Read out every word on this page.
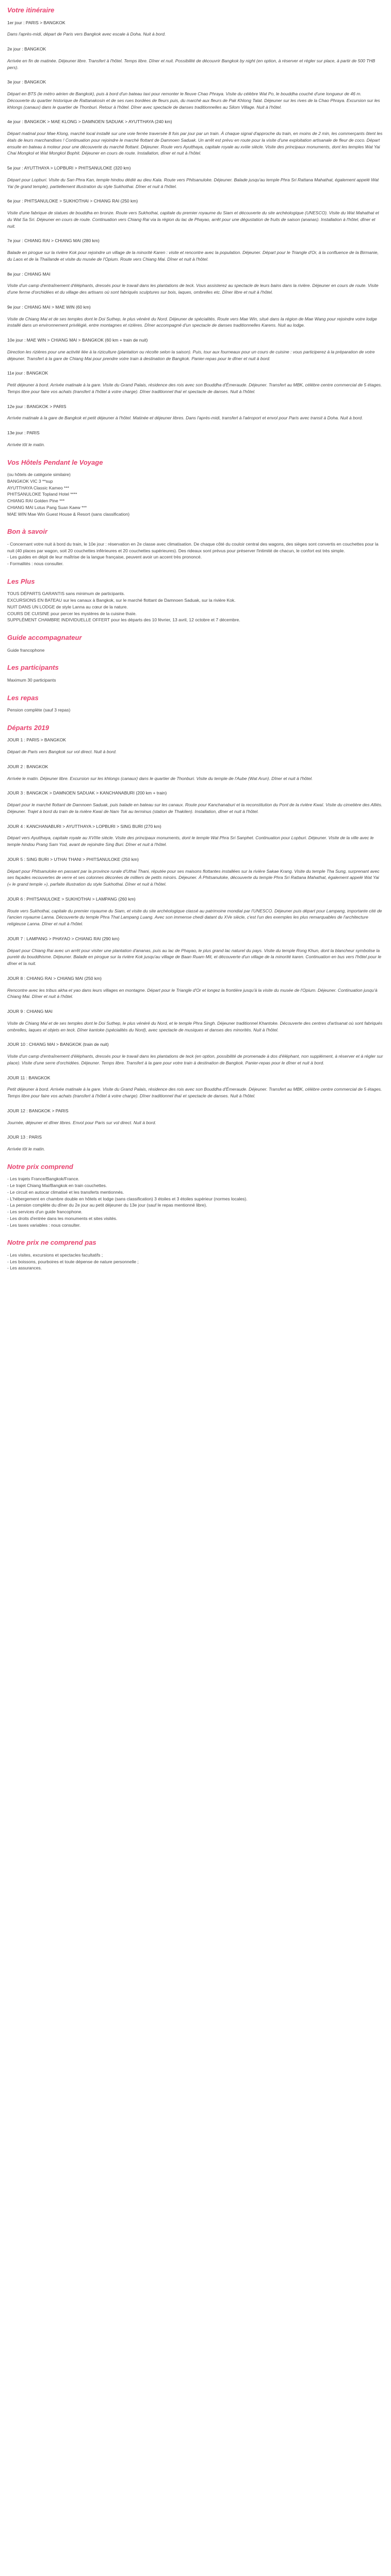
Votre itinéraire

1er jour : PARIS > BANGKOK

Dans l'après-midi, départ de Paris vers Bangkok avec escale à Doha. Nuit à bord.

2e jour : BANGKOK

Arrivée en fin de matinée. Déjeuner libre. Transfert à l'hôtel. Temps libre. Dîner et nuit. Possibilité de découvrir Bangkok by night (en option, à réserver et régler sur place, à partir de 500 THB pers).

3e jour : BANGKOK

Départ en BTS (le métro aérien de Bangkok), puis à bord d'un bateau taxi pour remonter le fleuve Chao Phraya. Visite du célèbre Wat Po, le bouddha couché d'une longueur de 46 m. Découverte du quartier historique de Rattanakosin et de ses rues bordées de fleurs puis, du marché aux fleurs de Pak Khlong Talat. Déjeuner sur les rives de la Chao Phraya. Excursion sur les khlongs (canaux) dans le quartier de Thonburi. Retour à l'hôtel. Dîner avec spectacle de danses traditionnelles au Silom Village. Nuit à l'hôtel.

4e jour : BANGKOK > MAE KLONG > DAMNOEN SADUAK > AYUTTHAYA (240 km)

Départ matinal pour Mae Klong, marché local installé sur une voie ferrée traversée 8 fois par jour par un train. À chaque signal d'approche du train, en moins de 2 min, les commerçants ôtent les étals de leurs marchandises ! Continuation pour rejoindre le marché flottant de Damnoen Saduak. Un arrêt est prévu en route pour la visite d'une exploitation artisanale de fleur de coco. Départ ensuite en bateau à moteur pour une découverte du marché flottant. Déjeuner. Route vers Ayutthaya, capitale royale au xviiie siècle. Visite des principaux monuments, dont les temples Wat Yai Chai Mongkol et Wat Mongkol Bophit. Déjeuner en cours de route. Installation, dîner et nuit à l'hôtel.

5e jour : AYUTTHAYA > LOPBURI > PHITSANULOKE (320 km)

Départ pour Lopburi. Visite du San Phra Kan, temple hindou dédié au dieu Kala. Route vers Phitsanuloke. Déjeuner. Balade jusqu'au temple Phra Sri Rattana Mahathat, également appelé Wat Yai (le grand temple), partiellement illustration du style Sukhothai. Dîner et nuit à l'hôtel.

6e jour : PHITSANULOKE > SUKHOTHAI > CHIANG RAI (250 km)

Visite d'une fabrique de statues de bouddha en bronze. Route vers Sukhothai, capitale du premier royaume du Siam et découverte du site archéologique (UNESCO). Visite du Wat Mahathat et du Wat Sa Sri. Déjeuner en cours de route. Continuation vers Chiang Rai via la région du lac de Phayao, arrêt pour une dégustation de fruits de saison (ananas). Installation à l'hôtel, dîner et nuit.

7e jour : CHIANG RAI > CHIANG MAI (280 km)

Balade en pirogue sur la rivière Kok pour rejoindre un village de la minorité Karen : visite et rencontre avec la population. Déjeuner. Départ pour le Triangle d'Or, à la confluence de la Birmanie, du Laos et de la Thaïlande et visite du musée de l'Opium. Route vers Chiang Mai. Dîner et nuit à l'hôtel.

8e jour : CHIANG MAI

Visite d'un camp d'entraînement d'éléphants, dressés pour le travail dans les plantations de teck. Vous assisterez au spectacle de leurs bains dans la rivière. Déjeuner en cours de route. Visite d'une ferme d'orchidées et du village des artisans où sont fabriqués sculptures sur bois, laques, ombrelles etc. Dîner libre et nuit à l'hôtel.

9e jour : CHIANG MAI > MAE WIN (60 km)

Visite de Chiang Mai et de ses temples dont le Doi Suthep, le plus vénéré du Nord. Déjeuner de spécialités. Route vers Mae Win, situé dans la région de Mae Wang pour rejoindre votre lodge installé dans un environnement privilégié, entre montagnes et rizières. Dîner accompagné d'un spectacle de danses traditionnelles Karens. Nuit au lodge.

10e jour : MAE WIN > CHIANG MAI > BANGKOK (60 km + train de nuit)

Direction les rizières pour une activité liée à la riziculture (plantation ou récolte selon la saison). Puis, tour aux fourneaux pour un cours de cuisine : vous participerez à la préparation de votre déjeuner. Transfert à la gare de Chiang Mai pour prendre votre train à destination de Bangkok. Panier-repas pour le dîner et nuit à bord.

11e jour : BANGKOK

Petit déjeuner à bord. Arrivée matinale à la gare. Visite du Grand Palais, résidence des rois avec son Bouddha d'Émeraude. Déjeuner. Transfert au MBK, célèbre centre commercial de 5 étages. Temps libre pour faire vos achats (transfert à l'hôtel à votre charge). Dîner traditionnel thaï et spectacle de danses. Nuit à l'hôtel.

12e jour : BANGKOK > PARIS

Arrivée matinale à la gare de Bangkok et petit déjeuner à l'hôtel. Matinée et déjeuner libres. Dans l'après-midi, transfert à l'aéroport et envol pour Paris avec transit à Doha. Nuit à bord.

13e jour : PARIS

Arrivée tôt le matin.

Vos Hôtels Pendant le Voyage

(ou hôtels de catégorie similaire)

BANGKOK VIC 3 **sup

AYUTTHAYA Classic Kameo ***

PHITSANULOKE Topland Hotel ****

CHIANG RAI Golden Pine ***

CHIANG MAI Lotus Pang Suan Kaew ***

MAE WIN Mae Win Guest House & Resort (sans classification)

Bon à savoir

- Concernant votre nuit à bord du train, le 10e jour : réservation en 2e classe avec climatisation. De chaque côté du couloir central des wagons, des sièges sont convertis en couchettes pour la nuit (40 places par wagon, soit 20 couchettes inférieures et 20 couchettes supérieures). Des rideaux sont prévus pour préserver l'intimité de chacun, le confort est très simple.

- Les guides en dépit de leur maîtrise de la langue française, peuvent avoir un accent très prononcé.

- Formalités : nous consulter.

Les Plus

TOUS DÉPARTS GARANTIS sans minimum de participants.

EXCURSIONS EN BATEAU sur les canaux à Bangkok, sur le marché flottant de Damnoen Saduak, sur la rivière Kok.

NUIT DANS UN LODGE de style Lanna au cœur de la nature.

COURS DE CUISINE pour percer les mystères de la cuisine thaïe.

SUPPLÉMENT CHAMBRE INDIVIDUELLE OFFERT pour les départs des 10 février, 13 avril, 12 octobre et 7 décembre.

Guide accompagnateur

Guide francophone

Les participants

Maximum 30 participants

Les repas

Pension complète (sauf 3 repas)

Départs 2019

JOUR 1 : PARIS > BANGKOK

Départ de Paris vers Bangkok sur vol direct. Nuit à bord.

JOUR 2 : BANGKOK

Arrivée le matin. Déjeuner libre. Excursion sur les khlongs (canaux) dans le quartier de Thonburi. Visite du temple de l'Aube (Wat Arun). Dîner et nuit à l'hôtel.

JOUR 3 : BANGKOK > DAMNOEN SADUAK > KANCHANABURI (200 km + train)

Départ pour le marché flottant de Damnoen Saduak, puis balade en bateau sur les canaux. Route pour Kanchanaburi et la reconstitution du Pont de la rivière Kwaï. Visite du cimetière des Alliés. Déjeuner. Trajet à bord du train de la rivière Kwaï de Nam Tok au terminus (station de Thakilen). Installation, dîner et nuit à l'hôtel.

JOUR 4 : KANCHANABURI > AYUTTHAYA > LOPBURI > SING BURI (270 km)

Départ vers Ayutthaya, capitale royale au XVIIIe siècle. Visite des principaux monuments, dont le temple Wat Phra Sri Sanphet. Continuation pour Lopburi. Déjeuner. Visite de la ville avec le temple hindou Prang Sam Yod, avant de rejoindre Sing Buri. Dîner et nuit à l'hôtel.

JOUR 5 : SING BURI > UTHAI THANI > PHITSANULOKE (250 km)

Départ pour Phitsanuloke en passant par la province rurale d'Uthai Thani, réputée pour ses maisons flottantes installées sur la rivière Sakae Krang. Visite du temple Tha Sung, surprenant avec ses façades recouvertes de verre et ses colonnes décorées de milliers de petits miroirs. Déjeuner. À Phitsanuloke, découverte du temple Phra Sri Rattana Mahathat, également appelé Wat Yai (« le grand temple »), parfaite illustration du style Sukhothai. Dîner et nuit à l'hôtel.

JOUR 6 : PHITSANULOKE > SUKHOTHAI > LAMPANG (260 km)

Route vers Sukhothai, capitale du premier royaume du Siam, et visite du site archéologique classé au patrimoine mondial par l'UNESCO. Déjeuner puis départ pour Lampang, importante cité de l'ancien royaume Lanna. Découverte du temple Phra That Lampang Luang. Avec son immense chedi datant du XVe siècle, c'est l'un des exemples les plus remarquables de l'architecture religieuse Lanna. Dîner et nuit à l'hôtel.

JOUR 7 : LAMPANG > PHAYAO > CHIANG RAI (290 km)

Départ pour Chiang Rai avec un arrêt pour visiter une plantation d'ananas, puis au lac de Phayao, le plus grand lac naturel du pays. Visite du temple Rong Khun, dont la blancheur symbolise la pureté du bouddhisme. Déjeuner. Balade en pirogue sur la rivière Kok jusqu'au village de Baan Ruam Mit, et découverte d'un village de la minorité karen. Continuation en bus vers l'hôtel pour le dîner et la nuit.

JOUR 8 : CHIANG RAI > CHIANG MAI (250 km)

Rencontre avec les tribus akha et yao dans leurs villages en montagne. Départ pour le Triangle d'Or et longez la frontière jusqu'à la visite du musée de l'Opium. Déjeuner. Continuation jusqu'à Chiang Mai. Dîner et nuit à l'hôtel.

JOUR 9 : CHIANG MAI

Visite de Chiang Mai et de ses temples dont le Doi Suthep, le plus vénéré du Nord, et le temple Phra Singh. Déjeuner traditionnel Khantoke. Découverte des centres d'artisanat où sont fabriqués ombrelles, laques et objets en teck. Dîner kantoke (spécialités du Nord), avec spectacle de musiques et danses des minorités. Nuit à l'hôtel.

JOUR 10 : CHIANG MAI > BANGKOK (train de nuit)

Visite d'un camp d'entraînement d'éléphants, dressés pour le travail dans les plantations de teck (en option, possibilité de promenade à dos d'éléphant, non supplément, à réserver et à régler sur place). Visite d'une serre d'orchidées. Déjeuner. Temps libre. Transfert à la gare pour votre train à destination de Bangkok. Panier-repas pour le dîner et nuit à bord.

JOUR 11 : BANGKOK

Petit déjeuner à bord. Arrivée matinale à la gare. Visite du Grand Palais, résidence des rois avec son Bouddha d'Émeraude. Déjeuner. Transfert au MBK, célèbre centre commercial de 5 étages. Temps libre pour faire vos achats (transfert à l'hôtel à votre charge). Dîner traditionnel thaï et spectacle de danses. Nuit à l'hôtel.

JOUR 12 : BANGKOK > PARIS

Journée, déjeuner et dîner libres. Envol pour Paris sur vol direct. Nuit à bord.

JOUR 13 : PARIS

Arrivée tôt le matin.

Notre prix comprend

- Les trajets France/Bangkok/France.

- Le trajet Chiang Mai/Bangkok en train couchettes.

- Le circuit en autocar climatisé et les transferts mentionnés.

- L'hébergement en chambre double en hôtels et lodge (sans classification) 3 étoiles et 3 étoiles supérieur (normes locales).

- La pension complète du dîner du 2e jour au petit déjeuner du 13e jour (sauf le repas mentionné libre).

- Les services d'un guide francophone.

- Les droits d'entrée dans les monuments et sites visités.

- Les taxes variables : nous consulter.

Notre prix ne comprend pas

- Les visites, excursions et spectacles facultatifs ;

- Les boissons, pourboires et toute dépense de nature personnelle ;

- Les assurances.
